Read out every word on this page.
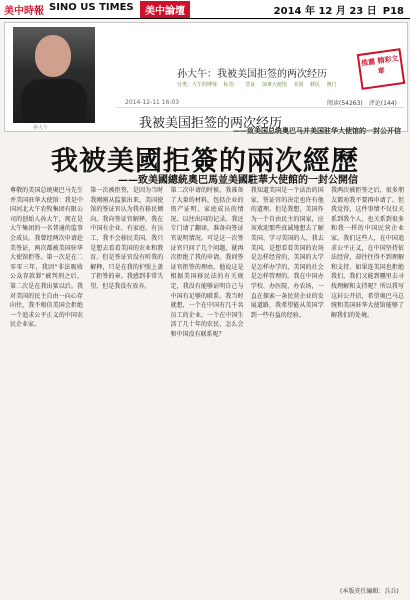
美中時報 SINO US TIMES	美中論壇	2014 年 12 月 23 日 P18
孙大午
孙大午：我被美国拒签的两次经历
分类：大午的博客 标签： 签证 加拿大使馆 美国 移民 澳门
2014-12-11 16:03	阅读(54263)　评论(144)
推薦 精彩文章
我被美国拒签的两次经历
——致美国总统奥巴马并美国驻华大使馆的一封公开信
我被美國拒簽的兩次經歷
——致美國總統奧巴馬並美國駐華大使館的一封公開信

尊敬的美国总统奥巴马先生并美国驻华大使馆：我是中国河北大午农牧集团有限公司的创始人孙大午，现在是大午集团的一名普通的监事会成员。我曾经两次申请赴美签证，两次都被美国驻华大使馆拒签。第一次是在二零零三年，我因“非法吸收公众存款罪”被判刑之后，第二次是在我出狱以后。我对美国的民主自由一向心存向往，我不相信美国会拒绝一个追求公平正义的中国农民企业家。

第一次被拒签，是因为当时我刚刚从监狱出来，美国使馆的签证官认为我有移民倾向。我向签证官解释，我在中国有企业、有家庭、有员工，我不会移民美国，我只是想去看看美国的农业和教育。但是签证官没有听我的解释，只是在我的护照上盖了拒签的章。我感到非常失望，但是我没有放弃。

第二次申请的时候，我准备了大量的材料，包括企业的资产证明、家庭成员的情况、以往出国的记录。我还专门请了翻译，准备向签证官说明情况。可是这一次签证官只问了几个问题，就再次拒绝了我的申请。我问签证官拒签的理由，他说这是根据美国移民法的有关规定，我没有能够证明自己与中国有足够的联系。我当时就想，一个在中国有几千名员工的企业，一个在中国生活了几十年的农民，怎么会和中国没有联系呢？

我知道美国是一个法治的国家，签证官的决定也许有他的道理。但是我想，美国作为一个自由民主的国家，应该欢迎那些真诚地想去了解美国、学习美国的人。我去美国，是想看看美国的农场是怎样经营的，美国的大学是怎样办学的，美国的社会是怎样管理的。我在中国办学校、办医院、办农场，一直在探索一条民营企业的发展道路，我希望能从美国学到一些有益的经验。

我两次被拒签之后，很多朋友都劝我不要再申请了。但我觉得，这件事情不仅仅关系到我个人，也关系到很多和我一样的中国民营企业家。我们这些人，在中国追求公平正义，在中国坚持依法经营，却往往得不到理解和支持。如果连美国也拒绝我们，我们又能到哪里去寻找理解和支持呢？所以我写这封公开信，希望奥巴马总统和美国驻华大使馆能够了解我们的处境。

(本版責任編輯：兵兵)
